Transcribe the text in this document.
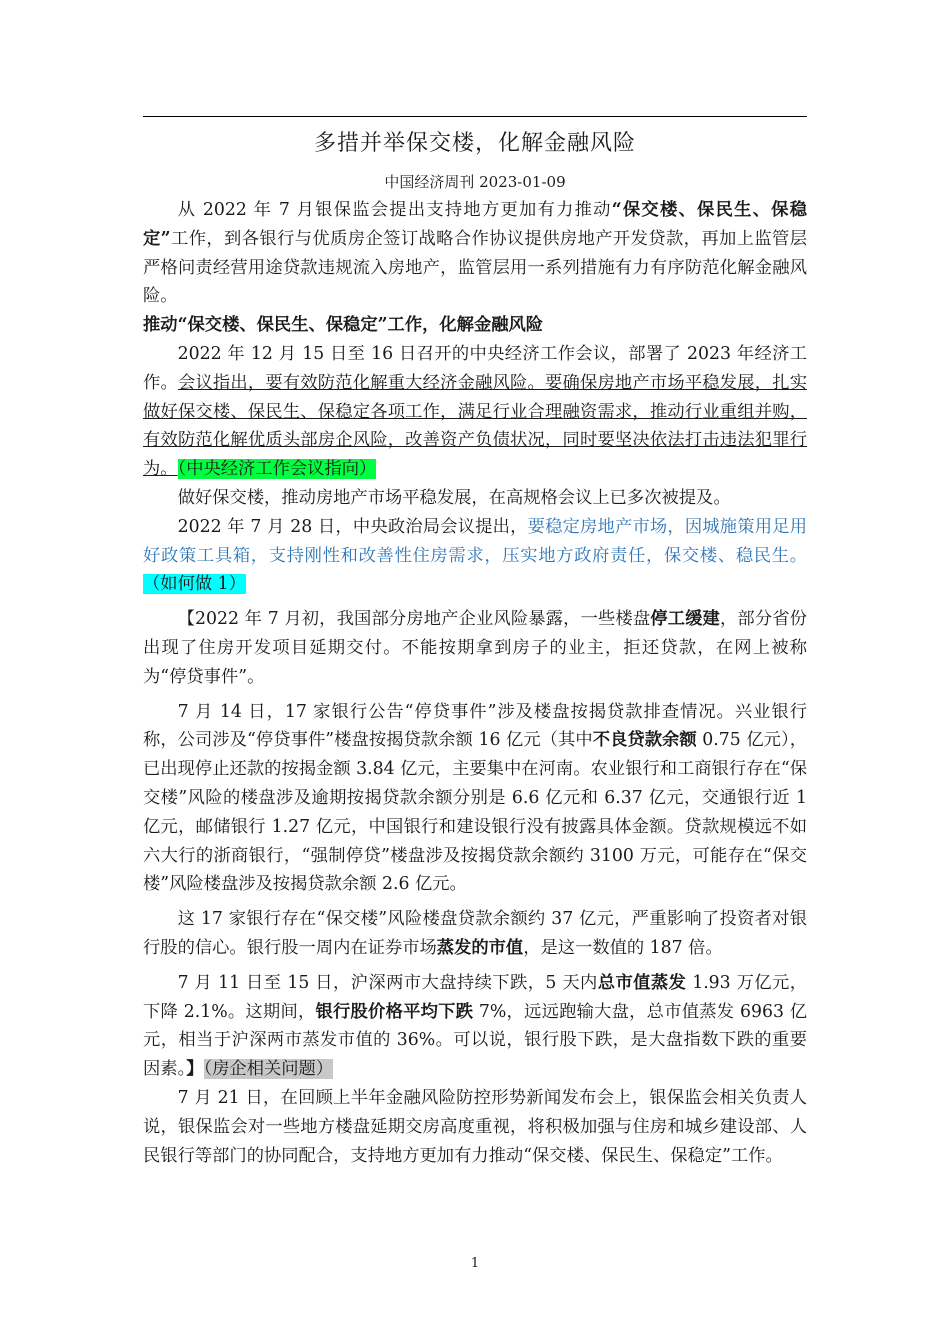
多措并举保交楼，化解金融风险
中国经济周刊 2023-01-09

从 2022 年 7 月银保监会提出支持地方更加有力推动“保交楼、保民生、保稳定”工作，到各银行与优质房企签订战略合作协议提供房地产开发贷款，再加上监管层严格问责经营用途贷款违规流入房地产，监管层用一系列措施有力有序防范化解金融风险。

推动“保交楼、保民生、保稳定”工作，化解金融风险

2022 年 12 月 15 日至 16 日召开的中央经济工作会议，部署了 2023 年经济工作。会议指出，要有效防范化解重大经济金融风险。要确保房地产市场平稳发展，扎实做好保交楼、保民生、保稳定各项工作，满足行业合理融资需求，推动行业重组并购，有效防范化解优质头部房企风险，改善资产负债状况，同时要坚决依法打击违法犯罪行为。（中央经济工作会议指向）

做好保交楼，推动房地产市场平稳发展，在高规格会议上已多次被提及。

2022 年 7 月 28 日，中央政治局会议提出，要稳定房地产市场，因城施策用足用好政策工具箱，支持刚性和改善性住房需求，压实地方政府责任，保交楼、稳民生。（如何做 1）

【2022 年 7 月初，我国部分房地产企业风险暴露，一些楼盘停工缓建，部分省份出现了住房开发项目延期交付。不能按期拿到房子的业主，拒还贷款，在网上被称为“停贷事件”。

7 月 14 日，17 家银行公告“停贷事件”涉及楼盘按揭贷款排查情况。兴业银行称，公司涉及“停贷事件”楼盘按揭贷款余额 16 亿元（其中不良贷款余额 0.75 亿元），已出现停止还款的按揭金额 3.84 亿元，主要集中在河南。农业银行和工商银行存在“保交楼”风险的楼盘涉及逾期按揭贷款余额分别是 6.6 亿元和 6.37 亿元，交通银行近 1 亿元，邮储银行 1.27 亿元，中国银行和建设银行没有披露具体金额。贷款规模远不如六大行的浙商银行，“强制停贷”楼盘涉及按揭贷款余额约 3100 万元，可能存在“保交楼”风险楼盘涉及按揭贷款余额 2.6 亿元。

这 17 家银行存在“保交楼”风险楼盘贷款余额约 37 亿元，严重影响了投资者对银行股的信心。银行股一周内在证券市场蒸发的市值，是这一数值的 187 倍。

7 月 11 日至 15 日，沪深两市大盘持续下跌，5 天内总市值蒸发 1.93 万亿元，下降 2.1%。这期间，银行股价格平均下跌 7%，远远跑输大盘，总市值蒸发 6963 亿元，相当于沪深两市蒸发市值的 36%。可以说，银行股下跌，是大盘指数下跌的重要因素。】（房企相关问题）

7 月 21 日，在回顾上半年金融风险防控形势新闻发布会上，银保监会相关负责人说，银保监会对一些地方楼盘延期交房高度重视，将积极加强与住房和城乡建设部、人民银行等部门的协同配合，支持地方更加有力推动“保交楼、保民生、保稳定”工作。

1
